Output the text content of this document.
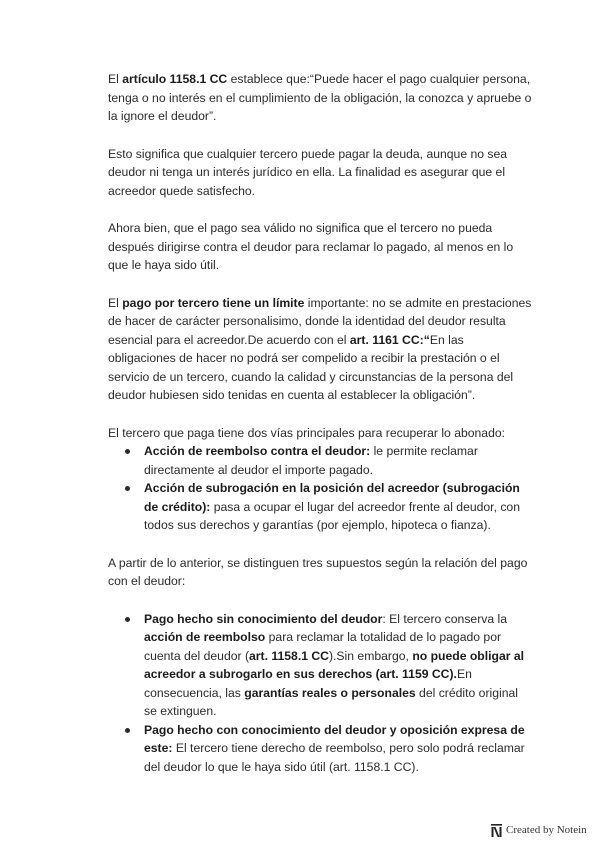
El artículo 1158.1 CC establece que:“Puede hacer el pago cualquier persona, tenga o no interés en el cumplimiento de la obligación, la conozca y apruebe o la ignore el deudor”.

Esto significa que cualquier tercero puede pagar la deuda, aunque no sea deudor ni tenga un interés jurídico en ella. La finalidad es asegurar que el acreedor quede satisfecho.

Ahora bien, que el pago sea válido no significa que el tercero no pueda después dirigirse contra el deudor para reclamar lo pagado, al menos en lo que le haya sido útil.

El pago por tercero tiene un límite importante: no se admite en prestaciones de hacer de carácter personalisimo, donde la identidad del deudor resulta esencial para el acreedor.De acuerdo con el art. 1161 CC:“En las obligaciones de hacer no podrá ser compelido a recibir la prestación o el servicio de un tercero, cuando la calidad y circunstancias de la persona del deudor hubiesen sido tenidas en cuenta al establecer la obligación”.

El tercero que paga tiene dos vías principales para recuperar lo abonado:

Acción de reembolso contra el deudor: le permite reclamar directamente al deudor el importe pagado.
Acción de subrogación en la posición del acreedor (subrogación de crédito): pasa a ocupar el lugar del acreedor frente al deudor, con todos sus derechos y garantías (por ejemplo, hipoteca o fianza).

A partir de lo anterior, se distinguen tres supuestos según la relación del pago con el deudor:

Pago hecho sin conocimiento del deudor: El tercero conserva la acción de reembolso para reclamar la totalidad de lo pagado por cuenta del deudor (art. 1158.1 CC).Sin embargo, no puede obligar al acreedor a subrogarlo en sus derechos (art. 1159 CC).En consecuencia, las garantías reales o personales del crédito original se extinguen.
Pago hecho con conocimiento del deudor y oposición expresa de este: El tercero tiene derecho de reembolso, pero solo podrá reclamar del deudor lo que le haya sido útil (art. 1158.1 CC).
Created by Notein
